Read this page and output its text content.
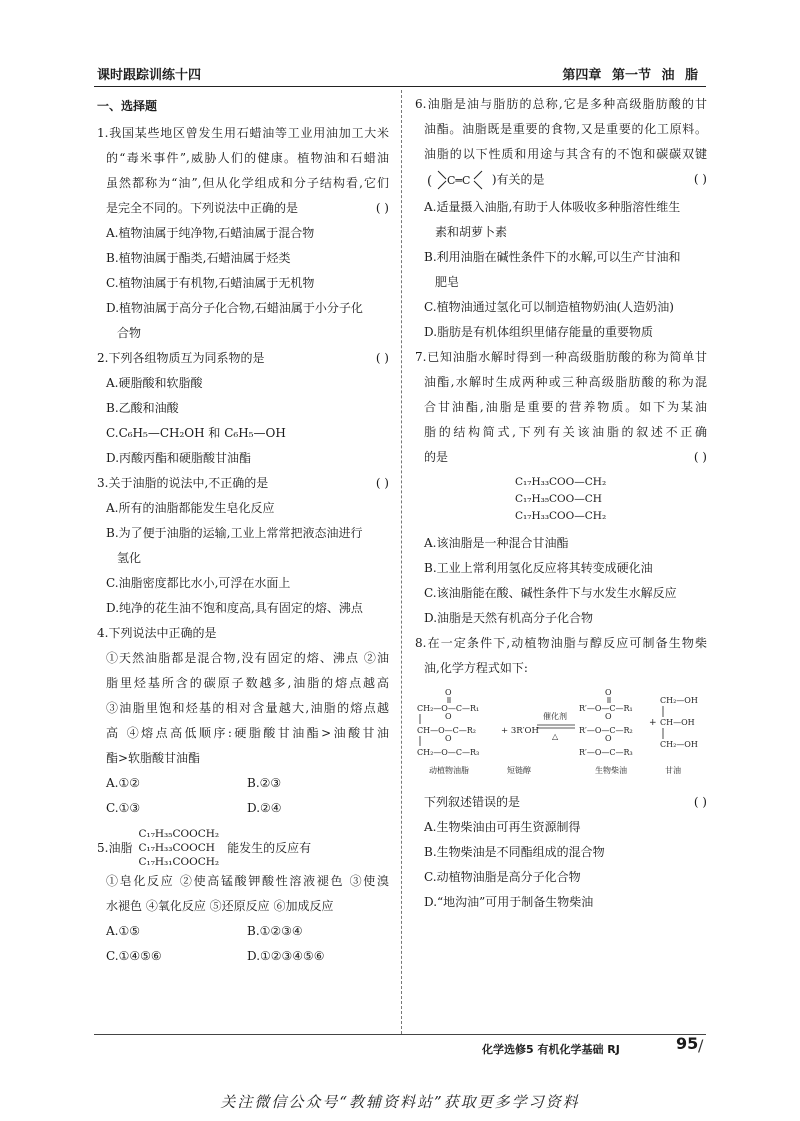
课时跟踪训练十四	第四章 第一节 油 脂
一、选择题
1.我国某些地区曾发生用石蜡油等工业用油加工大米
的“毒米事件”,威胁人们的健康。植物油和石蜡油
虽然都称为“油”,但从化学组成和分子结构看,它们
是完全不同的。下列说法中正确的是	( )
A.植物油属于纯净物,石蜡油属于混合物
B.植物油属于酯类,石蜡油属于烃类
C.植物油属于有机物,石蜡油属于无机物
D.植物油属于高分子化合物,石蜡油属于小分子化
合物
2.下列各组物质互为同系物的是	( )
A.硬脂酸和软脂酸
B.乙酸和油酸
C.C₆H₅—CH₂OH 和 C₆H₅—OH
D.丙酸丙酯和硬脂酸甘油酯
3.关于油脂的说法中,不正确的是	( )
A.所有的油脂都能发生皂化反应
B.为了便于油脂的运输,工业上常常把液态油进行
氢化
C.油脂密度都比水小,可浮在水面上
D.纯净的花生油不饱和度高,具有固定的熔、沸点
4.下列说法中正确的是
①天然油脂都是混合物,没有固定的熔、沸点 ②油
脂里烃基所含的碳原子数越多,油脂的熔点越高
③油脂里饱和烃基的相对含量越大,油脂的熔点越
高 ④熔点高低顺序:硬脂酸甘油酯>油酸甘油
酯>软脂酸甘油酯
A.①②	B.②③
C.①③	D.②④
5.油脂
C₁₇H₃₅COOCH₂
C₁₇H₃₃COOCH
C₁₇H₃₁COOCH₂
能发生的反应有
①皂化反应 ②使高锰酸钾酸性溶液褪色 ③使溴
水褪色 ④氧化反应 ⑤还原反应 ⑥加成反应
A.①⑤	B.①②③④
C.①④⑤⑥	D.①②③④⑤⑥
6.油脂是油与脂肪的总称,它是多种高级脂肪酸的甘
油酯。油脂既是重要的食物,又是重要的化工原料。
油脂的以下性质和用途与其含有的不饱和碳碳双键
( C═C )有关的是	( )
A.适量摄入油脂,有助于人体吸收多种脂溶性维生
素和胡萝卜素
B.利用油脂在碱性条件下的水解,可以生产甘油和
肥皂
C.植物油通过氢化可以制造植物奶油(人造奶油)
D.脂肪是有机体组织里储存能量的重要物质
7.已知油脂水解时得到一种高级脂肪酸的称为简单甘
油酯,水解时生成两种或三种高级脂肪酸的称为混
合甘油酯,油脂是重要的营养物质。如下为某油
脂的结构简式,下列有关该油脂的叙述不正确
的是	( )
C₁₇H₃₃COO—CH₂
C₁₇H₃₅COO—CH
C₁₇H₃₃COO—CH₂
A.该油脂是一种混合甘油酯
B.工业上常利用氢化反应将其转变成硬化油
C.该油脂能在酸、碱性条件下与水发生水解反应
D.油脂是天然有机高分子化合物
8.在一定条件下,动植物油脂与醇反应可制备生物柴
油,化学方程式如下:
O
CH₂—O—C—R₁
CH—O—C—R₂
O
CH₂—O—C—R₃
O
+ 3R′OH
催化剂
△
O
R′—O—C—R₁
O
R′—O—C—R₂
O
R′—O—C—R₃
+
CH₂—OH
CH—OH
CH₂—OH
动植物油脂	短链醇	生物柴油	甘油
下列叙述错误的是	( )
A.生物柴油由可再生资源制得
B.生物柴油是不同酯组成的混合物
C.动植物油脂是高分子化合物
D.“地沟油”可用于制备生物柴油
化学选修5 有机化学基础 RJ	95 /
关注微信公众号“教辅资料站”获取更多学习资料
